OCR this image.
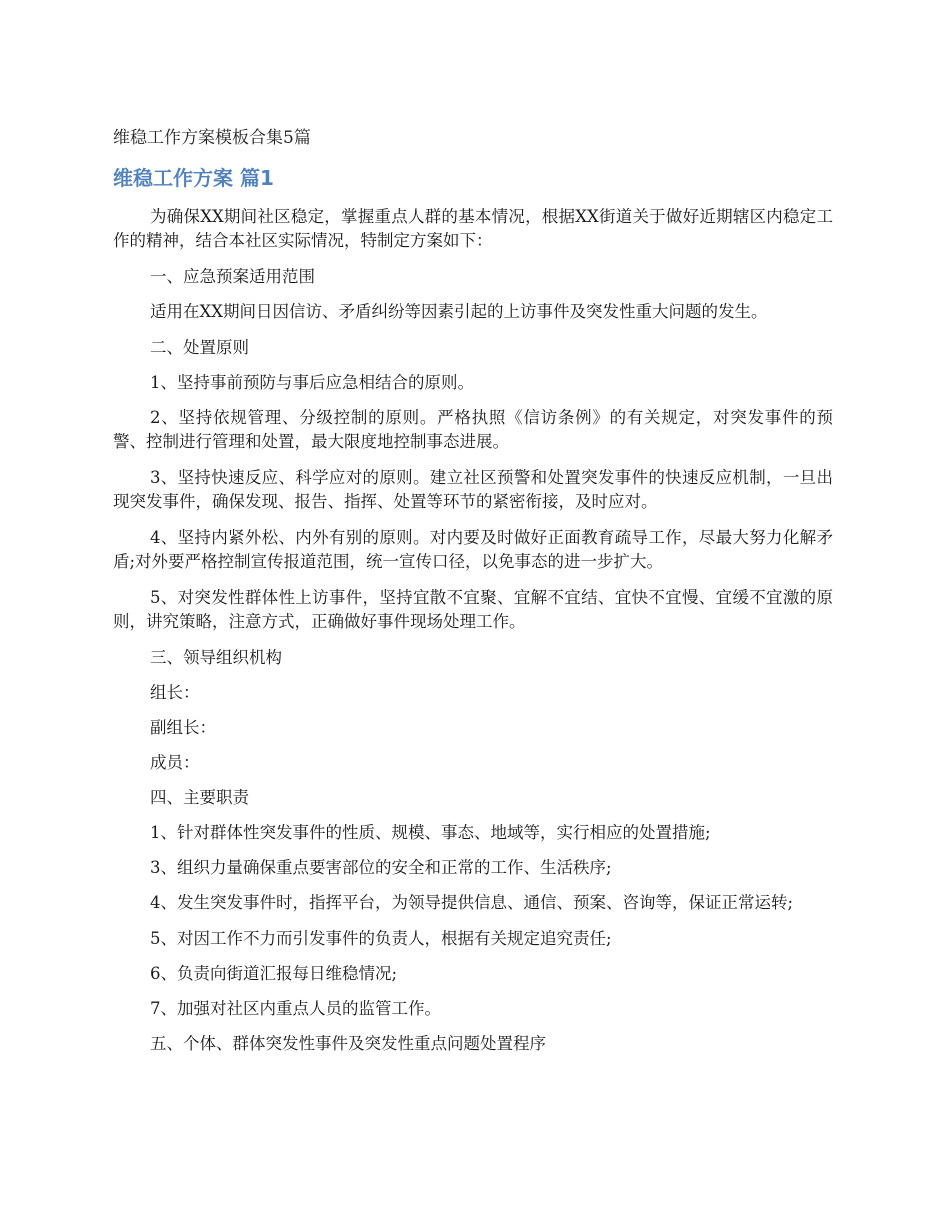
维稳工作方案模板合集5篇
维稳工作方案 篇1

为确保XX期间社区稳定，掌握重点人群的基本情况，根据XX街道关于做好近期辖区内稳定工作的精神，结合本社区实际情况，特制定方案如下：

一、应急预案适用范围

适用在XX期间日因信访、矛盾纠纷等因素引起的上访事件及突发性重大问题的发生。

二、处置原则

1、坚持事前预防与事后应急相结合的原则。

2、坚持依规管理、分级控制的原则。严格执照《信访条例》的有关规定，对突发事件的预警、控制进行管理和处置，最大限度地控制事态进展。

3、坚持快速反应、科学应对的原则。建立社区预警和处置突发事件的快速反应机制，一旦出现突发事件，确保发现、报告、指挥、处置等环节的紧密衔接，及时应对。

4、坚持内紧外松、内外有别的原则。对内要及时做好正面教育疏导工作，尽最大努力化解矛盾;对外要严格控制宣传报道范围，统一宣传口径，以免事态的进一步扩大。

5、对突发性群体性上访事件，坚持宜散不宜聚、宜解不宜结、宜快不宜慢、宜缓不宜激的原则，讲究策略，注意方式，正确做好事件现场处理工作。

三、领导组织机构

组长：

副组长：

成员：

四、主要职责

1、针对群体性突发事件的性质、规模、事态、地域等，实行相应的处置措施;

3、组织力量确保重点要害部位的安全和正常的工作、生活秩序;

4、发生突发事件时，指挥平台，为领导提供信息、通信、预案、咨询等，保证正常运转;

5、对因工作不力而引发事件的负责人，根据有关规定追究责任;

6、负责向街道汇报每日维稳情况;

7、加强对社区内重点人员的监管工作。

五、个体、群体突发性事件及突发性重点问题处置程序
